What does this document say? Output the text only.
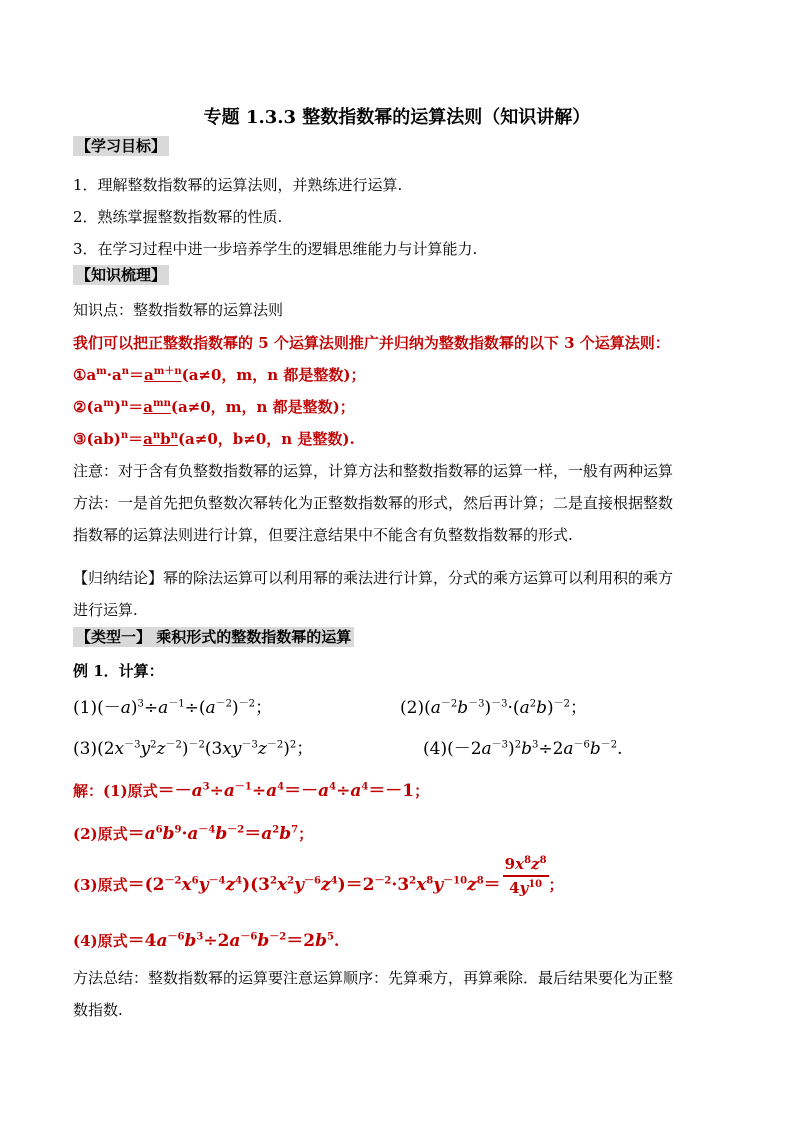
专题 1.3.3 整数指数幂的运算法则（知识讲解）
【学习目标】
1．理解整数指数幂的运算法则，并熟练进行运算.
2．熟练掌握整数指数幂的性质.
3．在学习过程中进一步培养学生的逻辑思维能力与计算能力.
【知识梳理】
知识点：整数指数幂的运算法则
我们可以把正整数指数幂的 5 个运算法则推广并归纳为整数指数幂的以下 3 个运算法则：
$①a^m\cdot a^n=a^{m+n}(a\ne 0$，m，n 都是整数)；
$②(a^m)^n=a^{mn}(a\ne 0$，m，n 都是整数)；
$③(ab)^n=a^nb^n(a\ne 0$，b≠0，n 是整数).
注意：对于含有负整数指数幂的运算，计算方法和整数指数幂的运算一样，一般有两种运算
方法：一是首先把负整数次幂转化为正整数指数幂的形式，然后再计算；二是直接根据整数
指数幂的运算法则进行计算，但要注意结果中不能含有负整数指数幂的形式.
【归纳结论】幂的除法运算可以利用幂的乘法进行计算，分式的乘方运算可以利用积的乘方
进行运算.
【类型一】 乘积形式的整数指数幂的运算
例 1．计算：
$(1)(-a)^3\div a^{-1}\div(a^{-2})^{-2}$；	$(2)(a^{-2}b^{-3})^{-3}\cdot(a^2b)^{-2}$；
$(3)(2x^{-3}y^2z^{-2})^{-2}(3xy^{-3}z^{-2})^2$；	$(4)(-2a^{-3})^2b^3\div 2a^{-6}b^{-2}$.
解：(1)原式$=-a^3\div a^{-1}\div a^4=-a^4\div a^4=-1$；
(2)原式$=a^6b^9\cdot a^{-4}b^{-2}=a^2b^7$；
(3)原式$=(2^{-2}x^6y^{-4}z^4)(3^2x^2y^{-6}z^4)=2^{-2}\cdot 3^2x^8y^{-10}z^8= \frac{9x^8z^8}{4y^{10}}$ ；
(4)原式$=4a^{-6}b^3\div 2a^{-6}b^{-2}=2b^5$.
方法总结：整数指数幂的运算要注意运算顺序：先算乘方，再算乘除．最后结果要化为正整
数指数.
